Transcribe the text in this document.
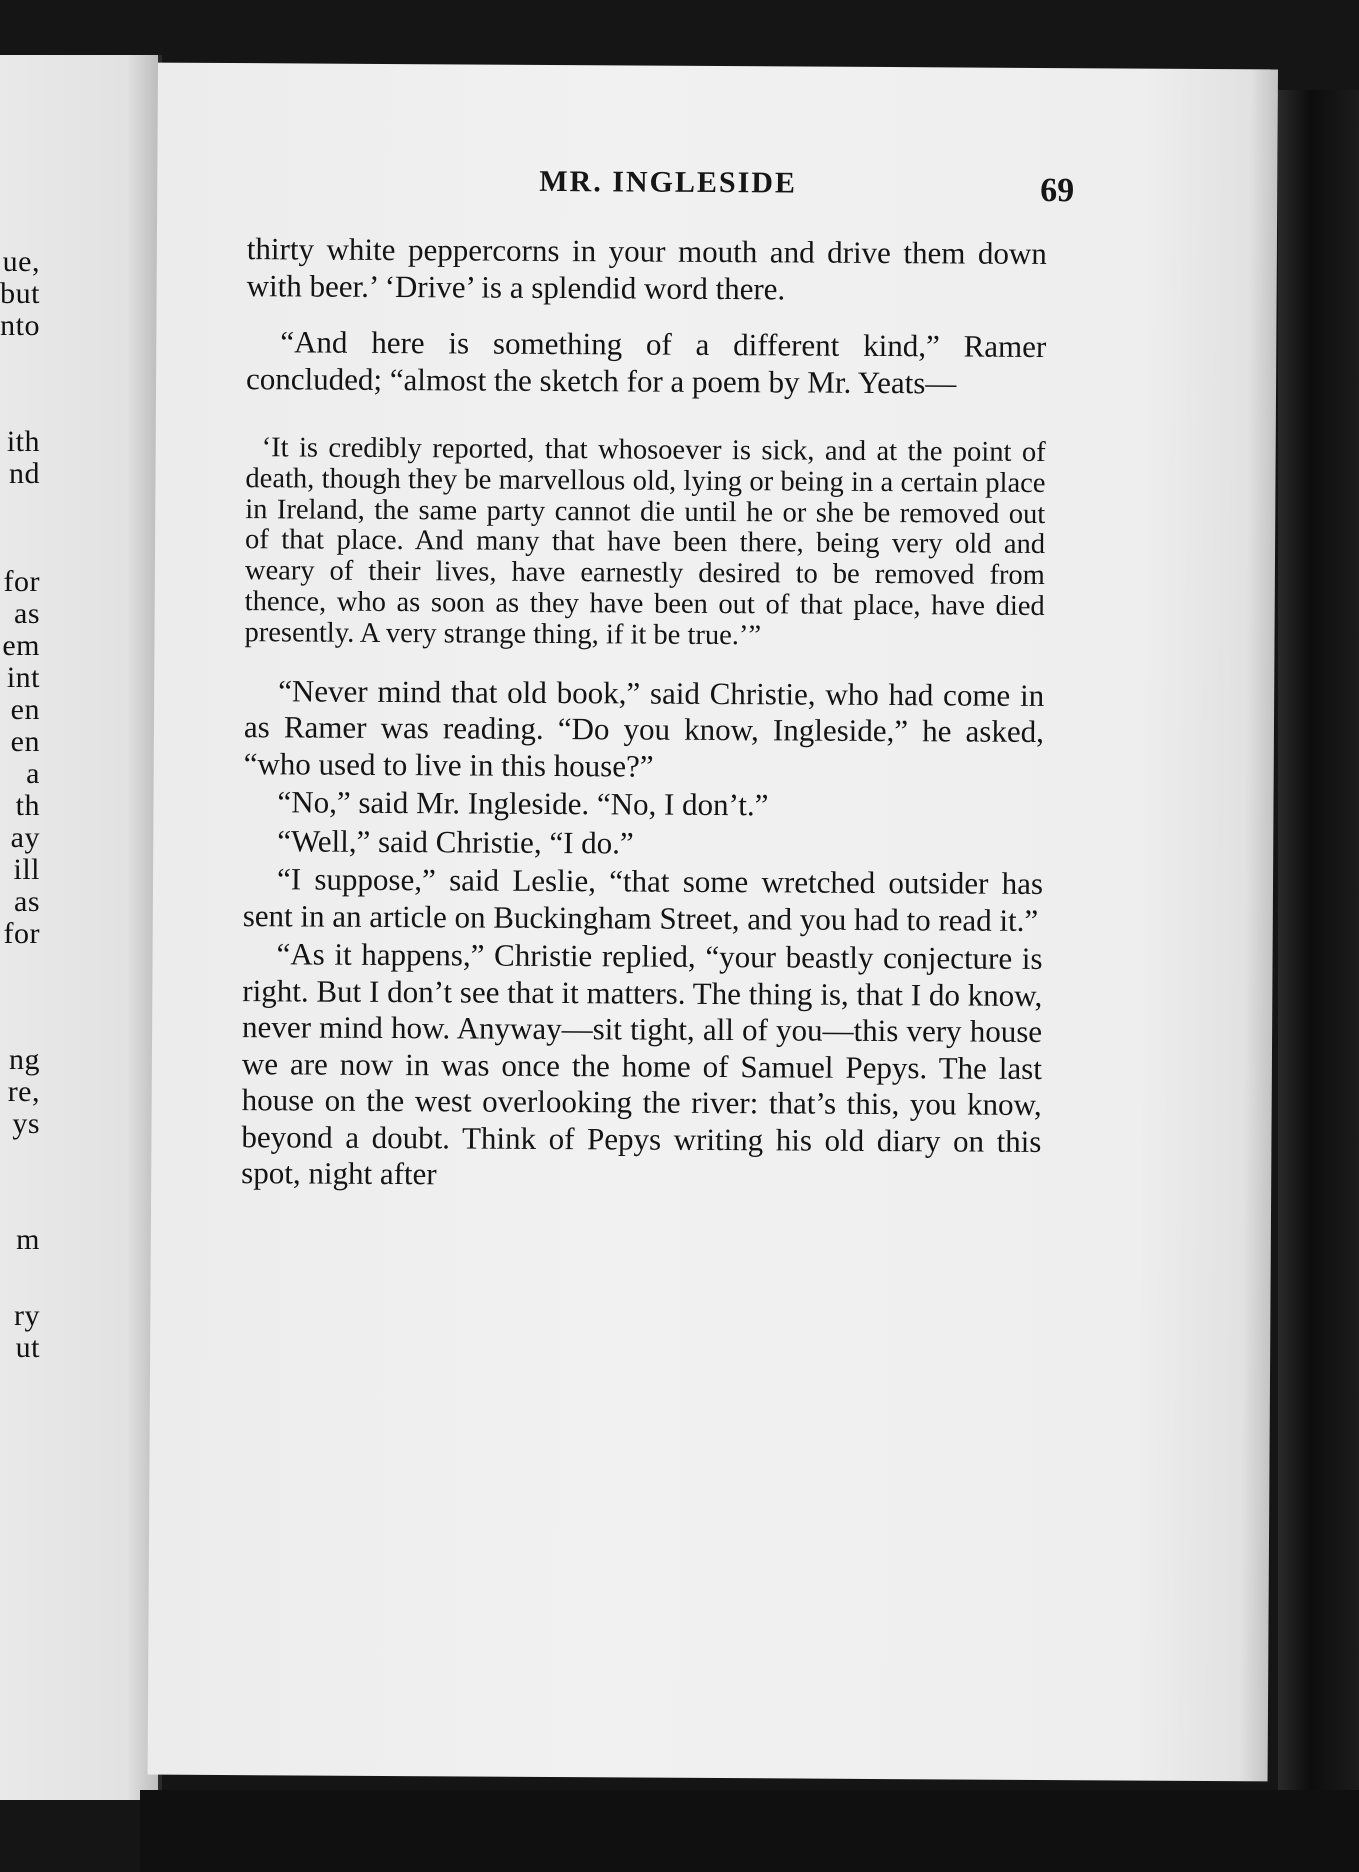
ue,
but
nto
ith
nd
for
as
em
int
en
en
a
th
ay
ill
as
for
ng
re,
ys
m
ry
ut
MR. INGLESIDE	69

thirty white peppercorns in your mouth and drive them down with beer.’ ‘Drive’ is a splendid word there.

“And here is something of a different kind,” Ramer concluded; “almost the sketch for a poem by Mr. Yeats—

‘It is credibly reported, that whosoever is sick, and at the point of death, though they be marvellous old, lying or being in a certain place in Ireland, the same party cannot die until he or she be removed out of that place. And many that have been there, being very old and weary of their lives, have earnestly desired to be removed from thence, who as soon as they have been out of that place, have died presently. A very strange thing, if it be true.’”

“Never mind that old book,” said Christie, who had come in as Ramer was reading. “Do you know, Ingleside,” he asked, “who used to live in this house?”

“No,” said Mr. Ingleside. “No, I don’t.”

“Well,” said Christie, “I do.”

“I suppose,” said Leslie, “that some wretched outsider has sent in an article on Buckingham Street, and you had to read it.”

“As it happens,” Christie replied, “your beastly conjecture is right. But I don’t see that it matters. The thing is, that I do know, never mind how. Anyway—sit tight, all of you—this very house we are now in was once the home of Samuel Pepys. The last house on the west overlooking the river: that’s this, you know, beyond a doubt. Think of Pepys writing his old diary on this spot, night after
